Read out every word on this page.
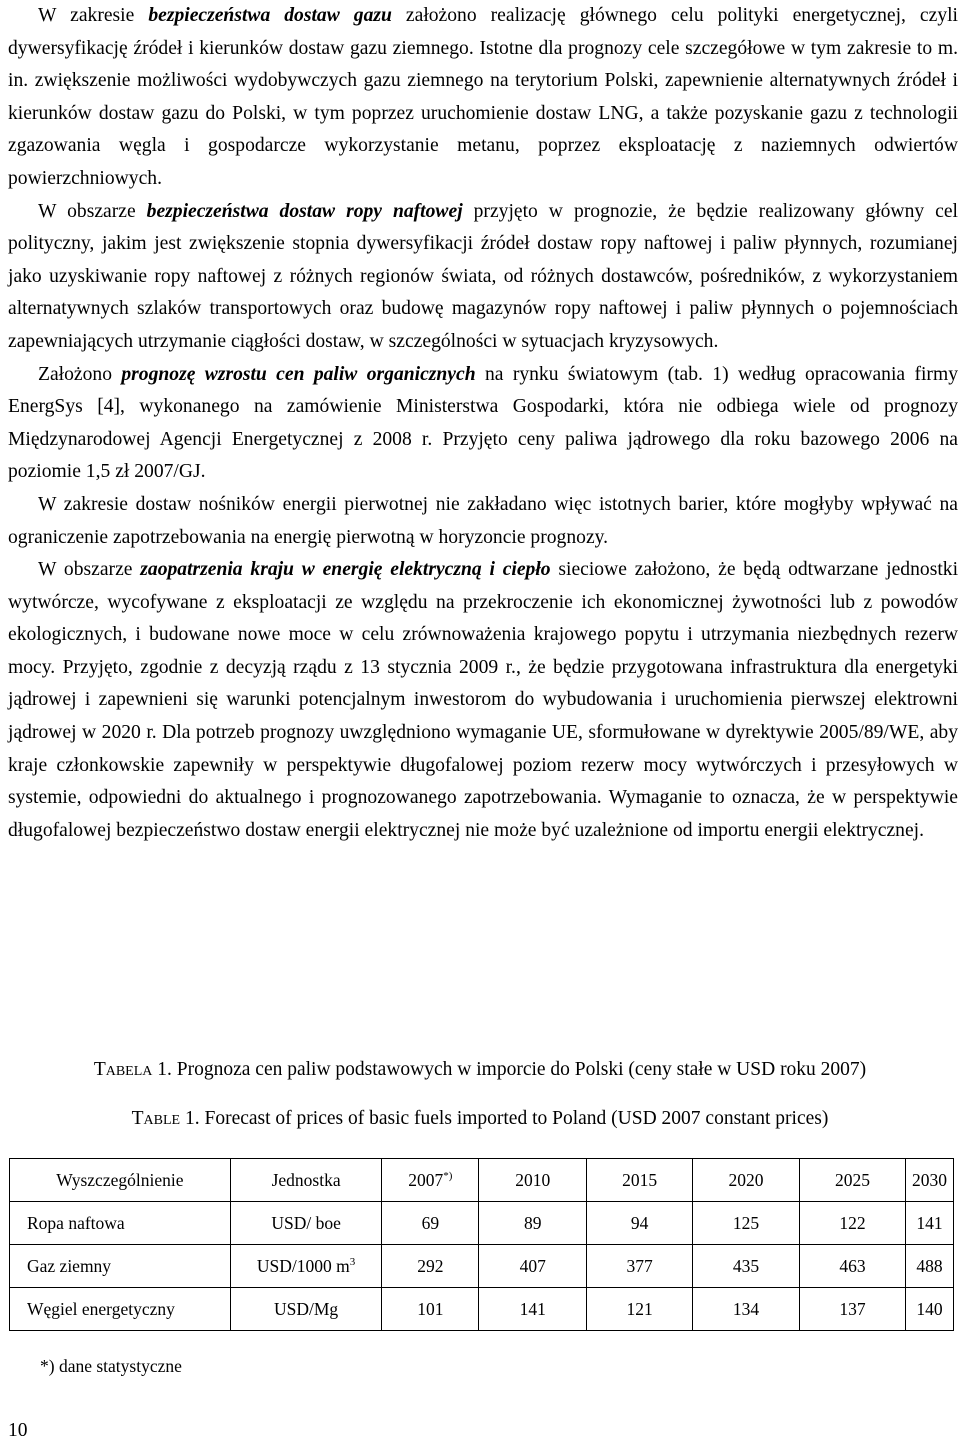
W zakresie bezpieczeństwa dostaw gazu założono realizację głównego celu polityki energetycznej, czyli dywersyfikację źródeł i kierunków dostaw gazu ziemnego. Istotne dla prognozy cele szczegółowe w tym zakresie to m. in. zwiększenie możliwości wydobywczych gazu ziemnego na terytorium Polski, zapewnienie alternatywnych źródeł i kierunków dostaw gazu do Polski, w tym poprzez uruchomienie dostaw LNG, a także pozyskanie gazu z technologii zgazowania węgla i gospodarcze wykorzystanie metanu, poprzez eksploatację z naziemnych odwiertów powierzchniowych.

W obszarze bezpieczeństwa dostaw ropy naftowej przyjęto w prognozie, że będzie realizowany główny cel polityczny, jakim jest zwiększenie stopnia dywersyfikacji źródeł dostaw ropy naftowej i paliw płynnych, rozumianej jako uzyskiwanie ropy naftowej z różnych regionów świata, od różnych dostawców, pośredników, z wykorzystaniem alternatywnych szlaków transportowych oraz budowę magazynów ropy naftowej i paliw płynnych o pojemnościach zapewniających utrzymanie ciągłości dostaw, w szczególności w sytuacjach kryzysowych.

Założono prognozę wzrostu cen paliw organicznych na rynku światowym (tab. 1) według opracowania firmy EnergSys [4], wykonanego na zamówienie Ministerstwa Gospodarki, która nie odbiega wiele od prognozy Międzynarodowej Agencji Energetycznej z 2008 r. Przyjęto ceny paliwa jądrowego dla roku bazowego 2006 na poziomie 1,5 zł 2007/GJ.

W zakresie dostaw nośników energii pierwotnej nie zakładano więc istotnych barier, które mogłyby wpływać na ograniczenie zapotrzebowania na energię pierwotną w horyzoncie prognozy.

W obszarze zaopatrzenia kraju w energię elektryczną i ciepło sieciowe założono, że będą odtwarzane jednostki wytwórcze, wycofywane z eksploatacji ze względu na przekroczenie ich ekonomicznej żywotności lub z powodów ekologicznych, i budowane nowe moce w celu zrównoważenia krajowego popytu i utrzymania niezbędnych rezerw mocy. Przyjęto, zgodnie z decyzją rządu z 13 stycznia 2009 r., że będzie przygotowana infrastruktura dla energetyki jądrowej i zapewnieni się warunki potencjalnym inwestorom do wybudowania i uruchomienia pierwszej elektrowni jądrowej w 2020 r. Dla potrzeb prognozy uwzględniono wymaganie UE, sformułowane w dyrektywie 2005/89/WE, aby kraje członkowskie zapewniły w perspektywie długofalowej poziom rezerw mocy wytwórczych i przesyłowych w systemie, odpowiedni do aktualnego i prognozowanego zapotrzebowania. Wymaganie to oznacza, że w perspektywie długofalowej bezpieczeństwo dostaw energii elektrycznej nie może być uzależnione od importu energii elektrycznej.

Tabela 1. Prognoza cen paliw podstawowych w imporcie do Polski (ceny stałe w USD roku 2007)
Table 1. Forecast of prices of basic fuels imported to Poland (USD 2007 constant prices)
Wyszczególnienie	Jednostka	2007*)	2010	2015	2020	2025	2030
Ropa naftowa	USD/ boe	69	89	94	125	122	141
Gaz ziemny	USD/1000 $m^3$	292	407	377	435	463	488
Węgiel energetyczny	USD/Mg	101	141	121	134	137	140
*) dane statystyczne
10
